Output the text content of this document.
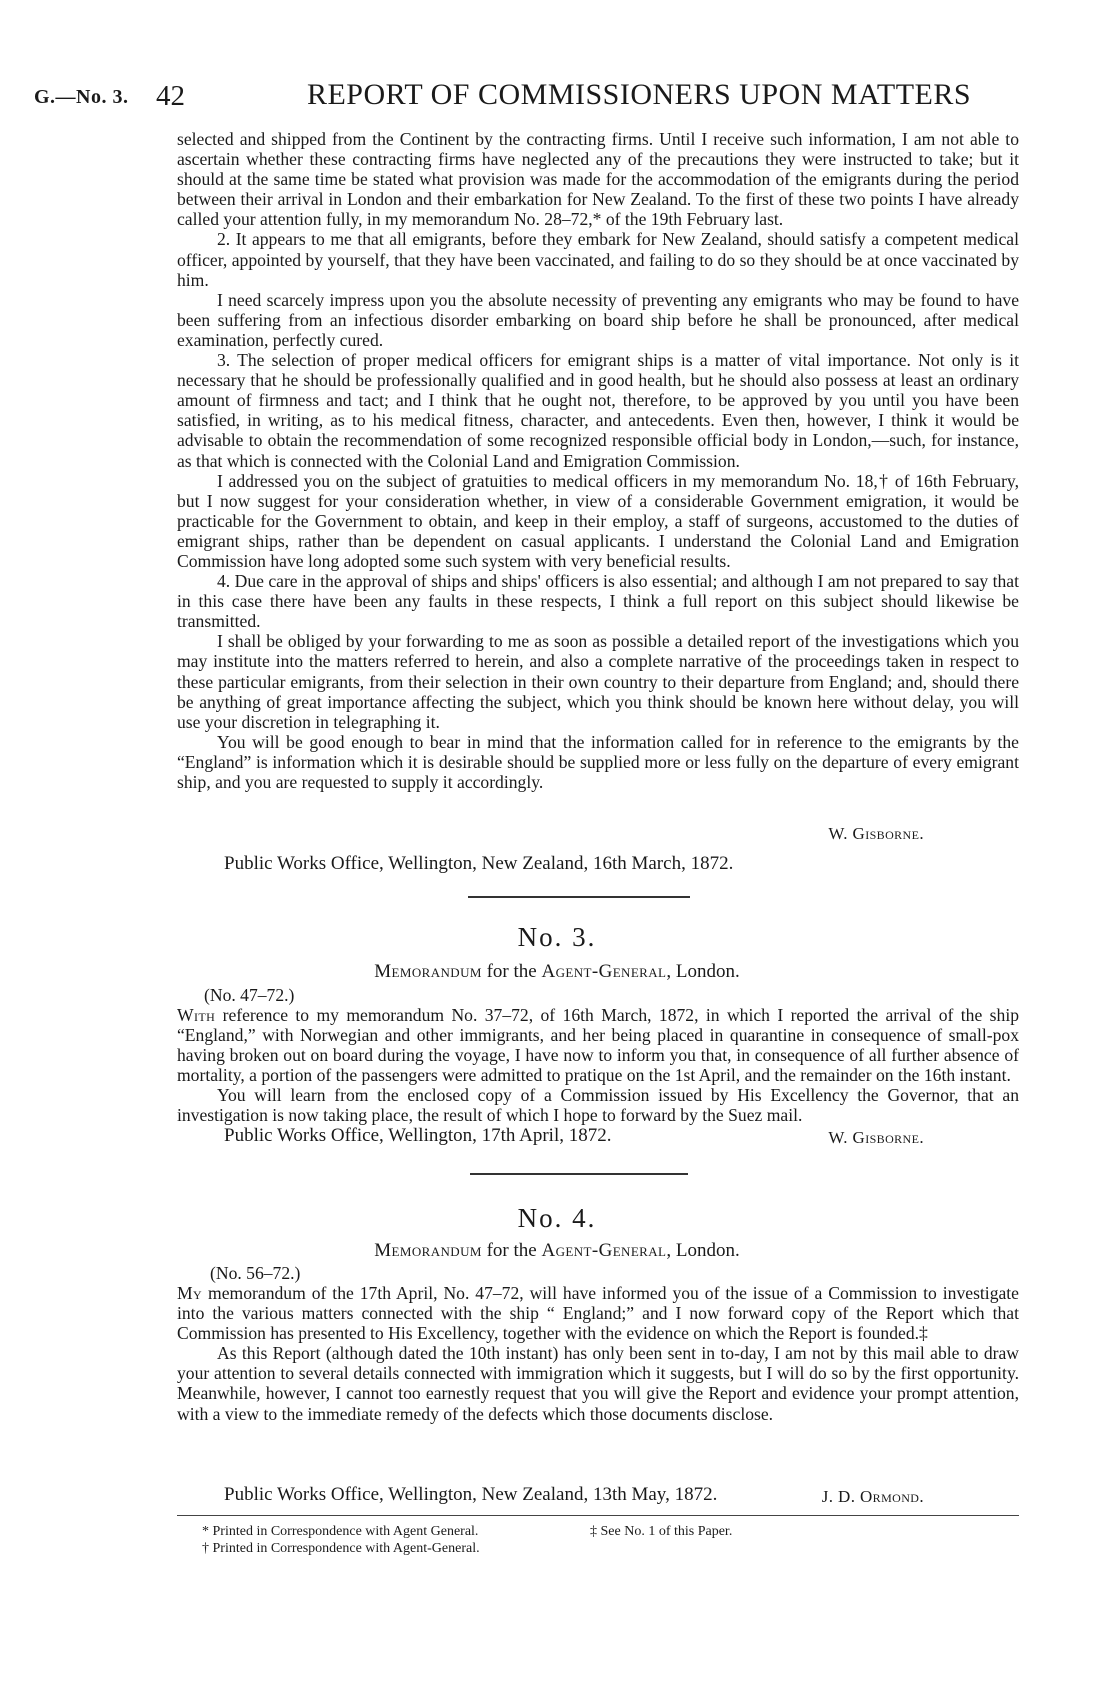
G.—No. 3. 42	REPORT OF COMMISSIONERS UPON MATTERS

selected and shipped from the Continent by the contracting firms. Until I receive such information, I am not able to ascertain whether these contracting firms have neglected any of the precautions they were instructed to take; but it should at the same time be stated what provision was made for the accommodation of the emigrants during the period between their arrival in London and their embarkation for New Zealand. To the first of these two points I have already called your attention fully, in my memorandum No. 28–72,* of the 19th February last.

2. It appears to me that all emigrants, before they embark for New Zealand, should satisfy a competent medical officer, appointed by yourself, that they have been vaccinated, and failing to do so they should be at once vaccinated by him.

I need scarcely impress upon you the absolute necessity of preventing any emigrants who may be found to have been suffering from an infectious disorder embarking on board ship before he shall be pronounced, after medical examination, perfectly cured.

3. The selection of proper medical officers for emigrant ships is a matter of vital importance. Not only is it necessary that he should be professionally qualified and in good health, but he should also possess at least an ordinary amount of firmness and tact; and I think that he ought not, therefore, to be approved by you until you have been satisfied, in writing, as to his medical fitness, character, and antecedents. Even then, however, I think it would be advisable to obtain the recommendation of some recognized responsible official body in London,—such, for instance, as that which is connected with the Colonial Land and Emigration Commission.

I addressed you on the subject of gratuities to medical officers in my memorandum No. 18,† of 16th February, but I now suggest for your consideration whether, in view of a considerable Government emigration, it would be practicable for the Government to obtain, and keep in their employ, a staff of surgeons, accustomed to the duties of emigrant ships, rather than be dependent on casual applicants. I understand the Colonial Land and Emigration Commission have long adopted some such system with very beneficial results.

4. Due care in the approval of ships and ships' officers is also essential; and although I am not prepared to say that in this case there have been any faults in these respects, I think a full report on this subject should likewise be transmitted.

I shall be obliged by your forwarding to me as soon as possible a detailed report of the investigations which you may institute into the matters referred to herein, and also a complete narrative of the proceedings taken in respect to these particular emigrants, from their selection in their own country to their departure from England; and, should there be anything of great importance affecting the subject, which you think should be known here without delay, you will use your discretion in telegraphing it.

You will be good enough to bear in mind that the information called for in reference to the emigrants by the “England” is information which it is desirable should be supplied more or less fully on the departure of every emigrant ship, and you are requested to supply it accordingly.

W. Gisborne.
Public Works Office, Wellington, New Zealand, 16th March, 1872.
No. 3.
Memorandum for the Agent-General, London.
(No. 47–72.)

With reference to my memorandum No. 37–72, of 16th March, 1872, in which I reported the arrival of the ship “England,” with Norwegian and other immigrants, and her being placed in quarantine in consequence of small-pox having broken out on board during the voyage, I have now to inform you that, in consequence of all further absence of mortality, a portion of the passengers were admitted to pratique on the 1st April, and the remainder on the 16th instant.

You will learn from the enclosed copy of a Commission issued by His Excellency the Governor, that an investigation is now taking place, the result of which I hope to forward by the Suez mail.

Public Works Office, Wellington, 17th April, 1872.	W. Gisborne.
No. 4.
Memorandum for the Agent-General, London.
(No. 56–72.)

My memorandum of the 17th April, No. 47–72, will have informed you of the issue of a Commission to investigate into the various matters connected with the ship “ England;” and I now forward copy of the Report which that Commission has presented to His Excellency, together with the evidence on which the Report is founded.‡

As this Report (although dated the 10th instant) has only been sent in to-day, I am not by this mail able to draw your attention to several details connected with immigration which it suggests, but I will do so by the first opportunity. Meanwhile, however, I cannot too earnestly request that you will give the Report and evidence your prompt attention, with a view to the immediate remedy of the defects which those documents disclose.

Public Works Office, Wellington, New Zealand, 13th May, 1872.	J. D. Ormond.
* Printed in Correspondence with Agent General.
† Printed in Correspondence with Agent-General.
‡ See No. 1 of this Paper.
